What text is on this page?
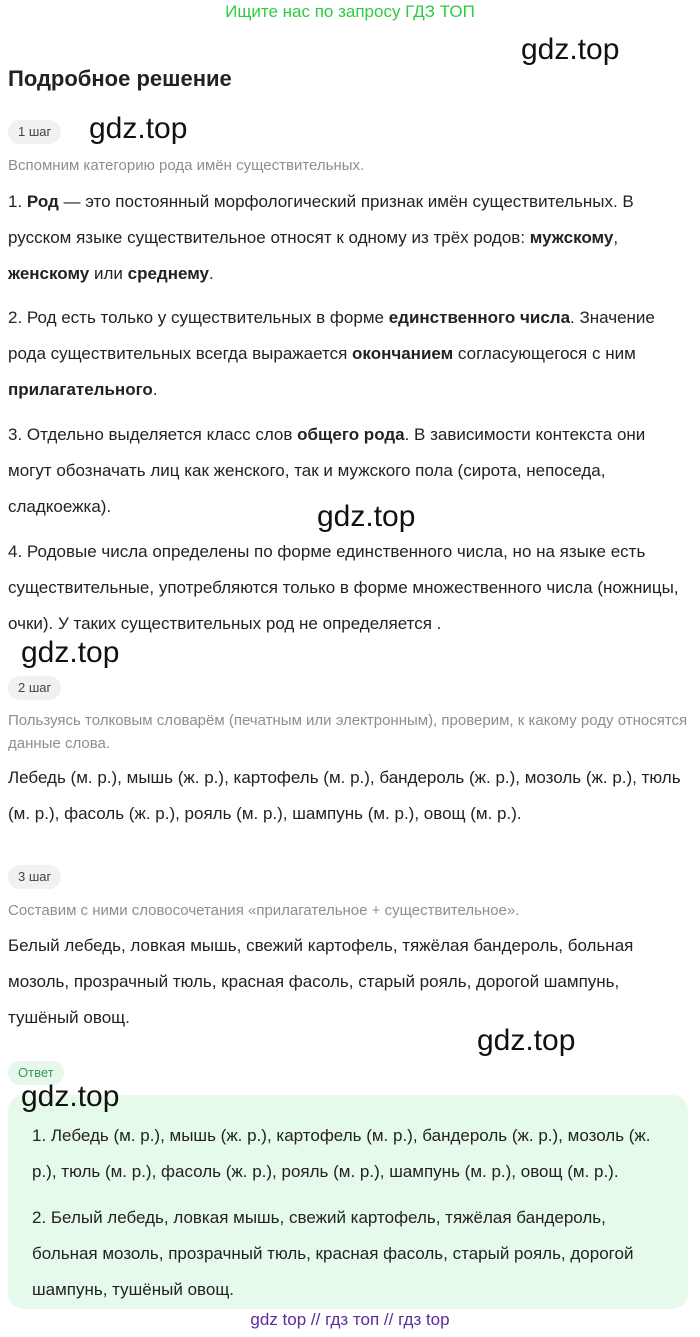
Ищите нас по запросу ГДЗ ТОП
gdz.top
Подробное решение
1 шаг	gdz.top
Вспомним категорию рода имён существительных.
1. Род — это постоянный морфологический признак имён существительных. В русском языке существительное относят к одному из трёх родов: мужскому, женскому или среднему.
2. Род есть только у существительных в форме единственного числа. Значение рода существительных всегда выражается окончанием согласующегося с ним прилагательного.
3. Отдельно выделяется класс слов общего рода. В зависимости контекста они могут обозначать лиц как женского, так и мужского пола (сирота, непоседа, сладкоежка).	gdz.top
4. Родовые числа определены по форме единственного числа, но на языке есть существительные, употребляются только в форме множественного числа (ножницы, очки). У таких существительных род не определяется .
gdz.top
2 шаг
Пользуясь толковым словарём (печатным или электронным), проверим, к какому роду относятся данные слова.
Лебедь (м. р.), мышь (ж. р.), картофель (м. р.), бандероль (ж. р.), мозоль (ж. р.), тюль (м. р.), фасоль (ж. р.), рояль (м. р.), шампунь (м. р.), овощ (м. р.).
3 шаг
Составим с ними словосочетания «прилагательное + существительное».
Белый лебедь, ловкая мышь, свежий картофель, тяжёлая бандероль, больная мозоль, прозрачный тюль, красная фасоль, старый рояль, дорогой шампунь, тушёный овощ.
gdz.top
Ответ
1. Лебедь (м. р.), мышь (ж. р.), картофель (м. р.), бандероль (ж. р.), мозоль (ж. р.), тюль (м. р.), фасоль (ж. р.), рояль (м. р.), шампунь (м. р.), овощ (м. р.).
2. Белый лебедь, ловкая мышь, свежий картофель, тяжёлая бандероль, больная мозоль, прозрачный тюль, красная фасоль, старый рояль, дорогой шампунь, тушёный овощ.
gdz.top
gdz top // гдз топ // гдз top
